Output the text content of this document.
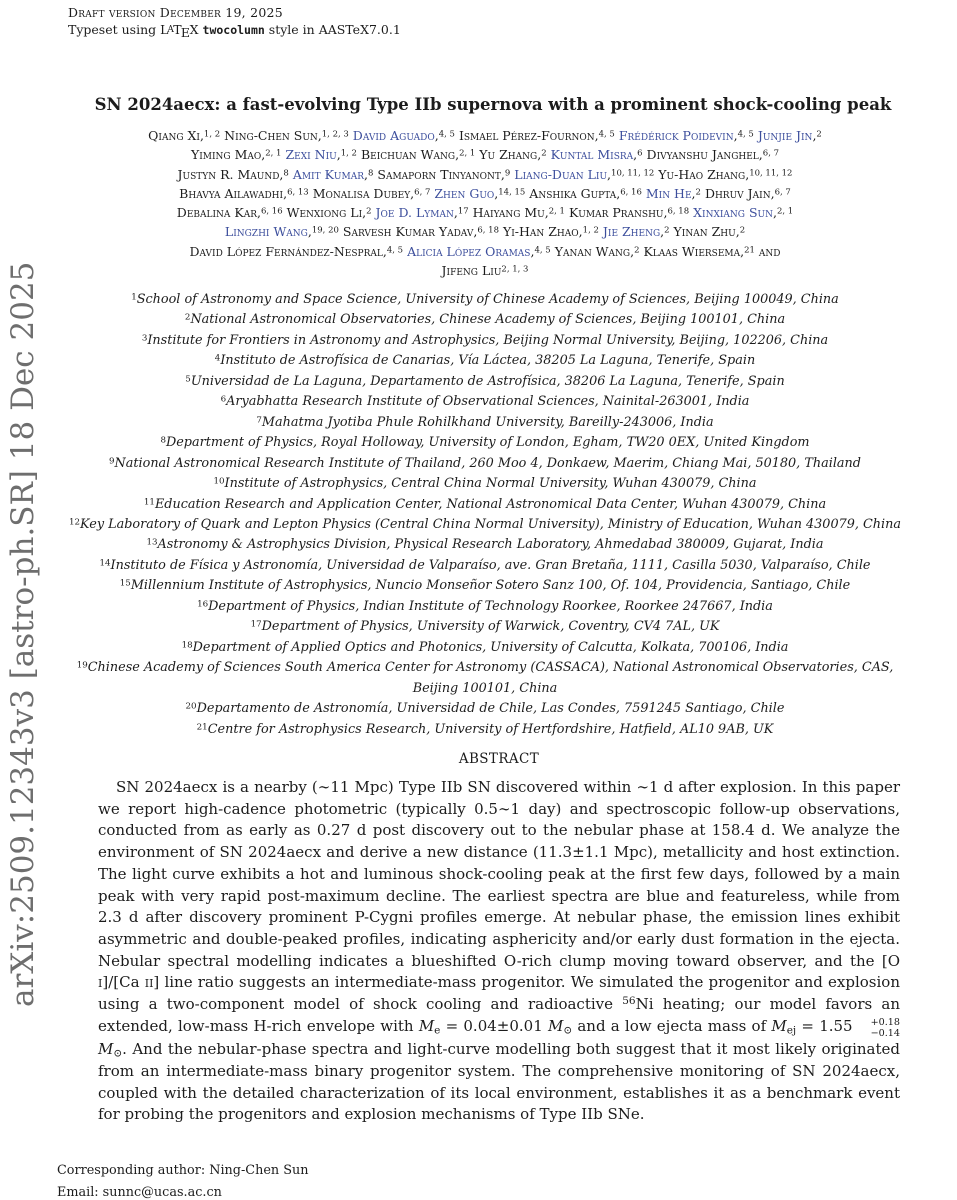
Draft version December 19, 2025
Typeset using LATEX twocolumn style in AASTeX7.0.1
arXiv:2509.12343v3 [astro-ph.SR] 18 Dec 2025
SN 2024aecx: a fast-evolving Type IIb supernova with a prominent shock-cooling peak
Qiang Xi,$^{1, 2}$ Ning-Chen Sun,$^{1, 2, 3}$ David Aguado,$^{4, 5}$ Ismael Pérez-Fournon,$^{4, 5}$ Frédérick Poidevin,$^{4, 5}$ Junjie Jin,$^2$
Yiming Mao,$^{2, 1}$ Zexi Niu,$^{1, 2}$ Beichuan Wang,$^{2, 1}$ Yu Zhang,$^2$ Kuntal Misra,$^6$ Divyanshu Janghel,$^{6, 7}$
Justyn R. Maund,$^8$ Amit Kumar,$^8$ Samaporn Tinyanont,$^9$ Liang-Duan Liu,$^{10, 11, 12}$ Yu-Hao Zhang,$^{10, 11, 12}$
Bhavya Ailawadhi,$^{6, 13}$ Monalisa Dubey,$^{6, 7}$ Zhen Guo,$^{14, 15}$ Anshika Gupta,$^{6, 16}$ Min He,$^2$ Dhruv Jain,$^{6, 7}$
Debalina Kar,$^{6, 16}$ Wenxiong Li,$^2$ Joe D. Lyman,$^{17}$ Haiyang Mu,$^{2, 1}$ Kumar Pranshu,$^{6, 18}$ Xinxiang Sun,$^{2, 1}$
Lingzhi Wang,$^{19, 20}$ Sarvesh Kumar Yadav,$^{6, 18}$ Yi-Han Zhao,$^{1, 2}$ Jie Zheng,$^2$ Yinan Zhu,$^2$
David López Fernández-Nespral,$^{4, 5}$ Alicia López Oramas,$^{4, 5}$ Yanan Wang,$^2$ Klaas Wiersema,$^{21}$ and
Jifeng Liu$^{2, 1, 3}$
$^1$School of Astronomy and Space Science, University of Chinese Academy of Sciences, Beijing 100049, China
$^2$National Astronomical Observatories, Chinese Academy of Sciences, Beijing 100101, China
$^3$Institute for Frontiers in Astronomy and Astrophysics, Beijing Normal University, Beijing, 102206, China
$^4$Instituto de Astrofísica de Canarias, Vía Láctea, 38205 La Laguna, Tenerife, Spain
$^5$Universidad de La Laguna, Departamento de Astrofísica, 38206 La Laguna, Tenerife, Spain
$^6$Aryabhatta Research Institute of Observational Sciences, Nainital-263001, India
$^7$Mahatma Jyotiba Phule Rohilkhand University, Bareilly-243006, India
$^8$Department of Physics, Royal Holloway, University of London, Egham, TW20 0EX, United Kingdom
$^9$National Astronomical Research Institute of Thailand, 260 Moo 4, Donkaew, Maerim, Chiang Mai, 50180, Thailand
$^{10}$Institute of Astrophysics, Central China Normal University, Wuhan 430079, China
$^{11}$Education Research and Application Center, National Astronomical Data Center, Wuhan 430079, China
$^{12}$Key Laboratory of Quark and Lepton Physics (Central China Normal University), Ministry of Education, Wuhan 430079, China
$^{13}$Astronomy & Astrophysics Division, Physical Research Laboratory, Ahmedabad 380009, Gujarat, India
$^{14}$Instituto de Física y Astronomía, Universidad de Valparaíso, ave. Gran Bretaña, 1111, Casilla 5030, Valparaíso, Chile
$^{15}$Millennium Institute of Astrophysics, Nuncio Monseñor Sotero Sanz 100, Of. 104, Providencia, Santiago, Chile
$^{16}$Department of Physics, Indian Institute of Technology Roorkee, Roorkee 247667, India
$^{17}$Department of Physics, University of Warwick, Coventry, CV4 7AL, UK
$^{18}$Department of Applied Optics and Photonics, University of Calcutta, Kolkata, 700106, India
$^{19}$Chinese Academy of Sciences South America Center for Astronomy (CASSACA), National Astronomical Observatories, CAS, Beijing 100101, China
$^{20}$Departamento de Astronomía, Universidad de Chile, Las Condes, 7591245 Santiago, Chile
$^{21}$Centre for Astrophysics Research, University of Hertfordshire, Hatfield, AL10 9AB, UK
ABSTRACT
SN 2024aecx is a nearby (∼11 Mpc) Type IIb SN discovered within ∼1 d after explosion. In this paper we report high-cadence photometric (typically 0.5∼1 day) and spectroscopic follow-up observations, conducted from as early as 0.27 d post discovery out to the nebular phase at 158.4 d. We analyze the environment of SN 2024aecx and derive a new distance (11.3±1.1 Mpc), metallicity and host extinction. The light curve exhibits a hot and luminous shock-cooling peak at the first few days, followed by a main peak with very rapid post-maximum decline. The earliest spectra are blue and featureless, while from 2.3 d after discovery prominent P-Cygni profiles emerge. At nebular phase, the emission lines exhibit asymmetric and double-peaked profiles, indicating asphericity and/or early dust formation in the ejecta. Nebular spectral modelling indicates a blueshifted O-rich clump moving toward observer, and the [O i]/[Ca ii] line ratio suggests an intermediate-mass progenitor. We simulated the progenitor and explosion using a two-component model of shock cooling and radioactive $^{56}$Ni heating; our model favors an extended, low-mass H-rich envelope with Me = 0.04±0.01 M⊙ and a low ejecta mass of Mej = 1.55	+0.18
−0.14
M⊙. And the nebular-phase spectra and light-curve modelling both suggest that it most likely originated from an intermediate-mass binary progenitor system. The comprehensive monitoring of SN 2024aecx, coupled with the detailed characterization of its local environment, establishes it as a benchmark event for probing the progenitors and explosion mechanisms of Type IIb SNe.
Corresponding author: Ning-Chen Sun
Email: sunnc@ucas.ac.cn
